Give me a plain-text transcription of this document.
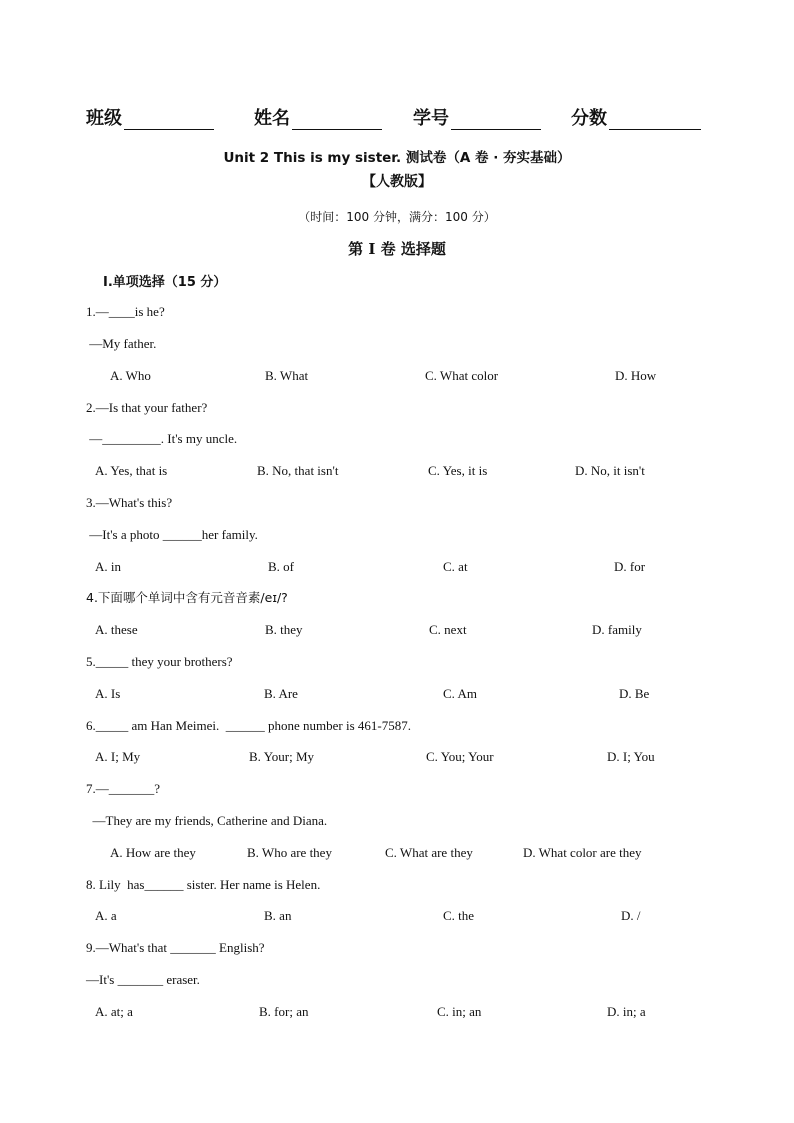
班级	姓名	学号	分数
Unit 2 This is my sister. 测试卷（A 卷 · 夯实基础）
【人教版】
（时间：100 分钟，满分：100 分）
第 I 卷 选择题
I.单项选择（15 分）
1.—____is he?
—My father.
A. Who	B. What	C. What color	D. How
2.—Is that your father?
—_________. It's my uncle.
A. Yes, that is	B. No, that isn't	C. Yes, it is	D. No, it isn't
3.—What's this?
—It's a photo ______her family.
A. in	B. of	C. at	D. for
4.下面哪个单词中含有元音音素/eɪ/?
A. these	B. they	C. next	D. family
5._____ they your brothers?
A. Is	B. Are	C. Am	D. Be
6._____ am Han Meimei.  ______ phone number is 461-7587.
A. I; My	B. Your; My	C. You; Your	D. I; You
7.—_______?
—They are my friends, Catherine and Diana.
A. How are they	B. Who are they	C. What are they	D. What color are they
8. Lily  has______ sister. Her name is Helen.
A. a	B. an	C. the	D. /
9.—What's that _______ English?
—It's _______ eraser.
A. at; a	B. for; an	C. in; an	D. in; a
